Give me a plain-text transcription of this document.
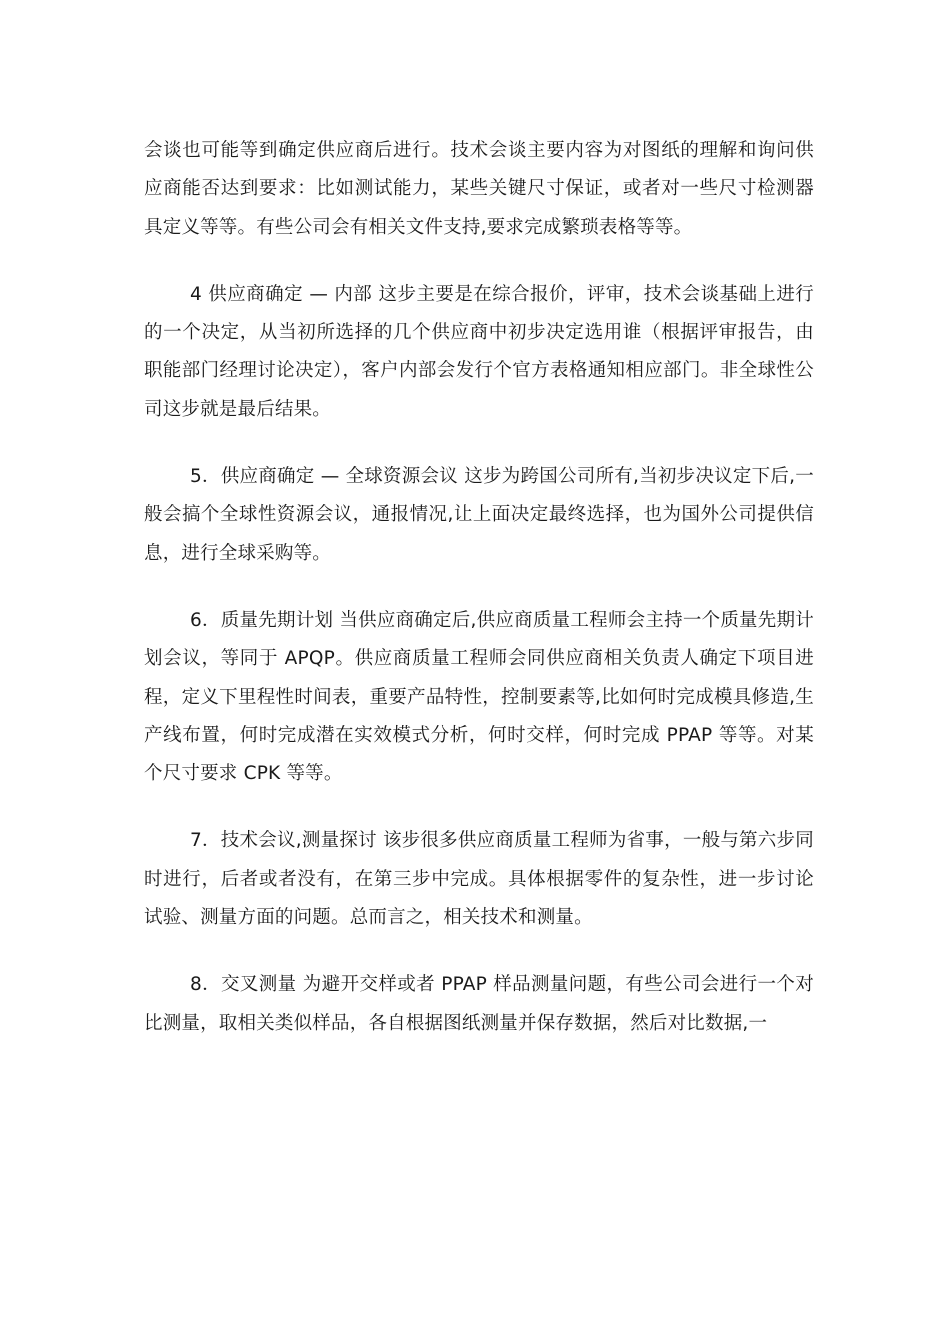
会谈也可能等到确定供应商后进行。技术会谈主要内容为对图纸的理解和询问供应商能否达到要求：比如测试能力，某些关键尺寸保证，或者对一些尺寸检测器具定义等等。有些公司会有相关文件支持,要求完成繁琐表格等等。

4 供应商确定 — 内部 这步主要是在综合报价，评审，技术会谈基础上进行的一个决定，从当初所选择的几个供应商中初步决定选用谁（根据评审报告，由职能部门经理讨论决定），客户内部会发行个官方表格通知相应部门。非全球性公司这步就是最后结果。

5．供应商确定 — 全球资源会议 这步为跨国公司所有,当初步决议定下后,一般会搞个全球性资源会议，通报情况,让上面决定最终选择，也为国外公司提供信息，进行全球采购等。

6．质量先期计划 当供应商确定后,供应商质量工程师会主持一个质量先期计划会议，等同于 APQP。供应商质量工程师会同供应商相关负责人确定下项目进程，定义下里程性时间表，重要产品特性，控制要素等,比如何时完成模具修造,生产线布置，何时完成潜在实效模式分析，何时交样，何时完成 PPAP 等等。对某个尺寸要求 CPK 等等。

7．技术会议,测量探讨 该步很多供应商质量工程师为省事，一般与第六步同时进行，后者或者没有，在第三步中完成。具体根据零件的复杂性，进一步讨论试验、测量方面的问题。总而言之，相关技术和测量。

8．交叉测量 为避开交样或者 PPAP 样品测量问题，有些公司会进行一个对比测量，取相关类似样品，各自根据图纸测量并保存数据，然后对比数据,一
